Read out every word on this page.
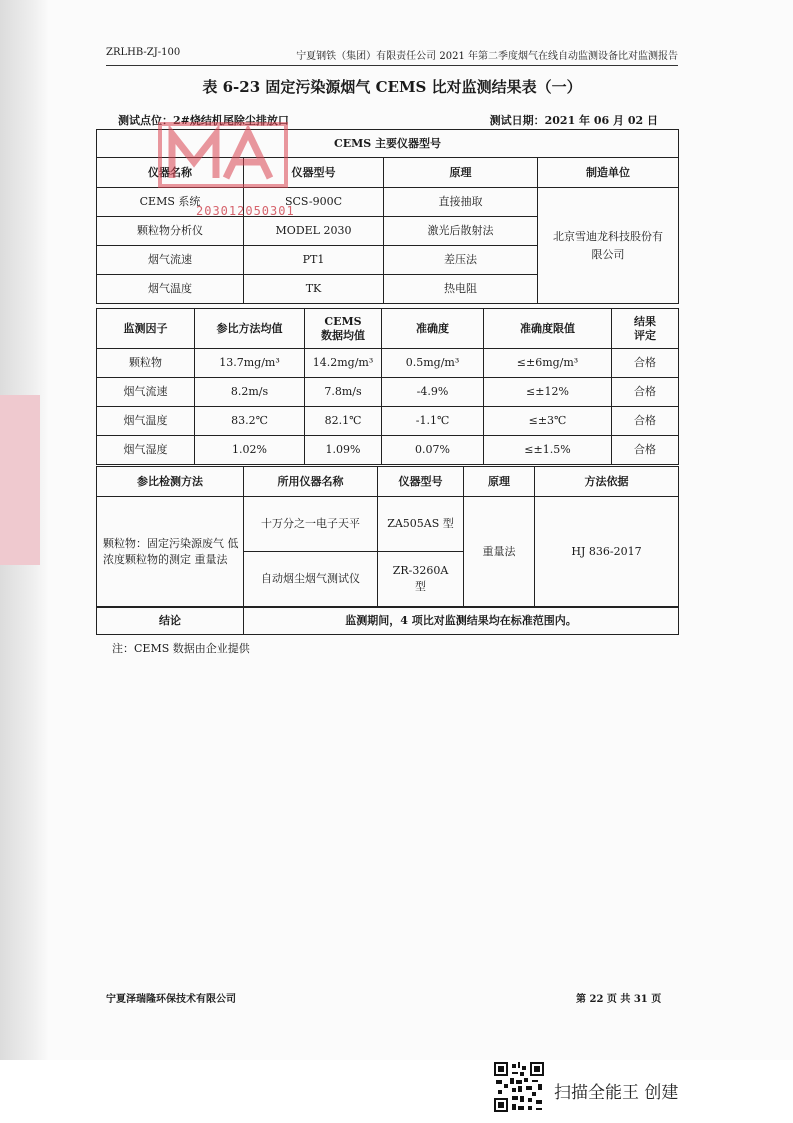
ZRLHB-ZJ-100	宁夏钢铁（集团）有限责任公司 2021 年第二季度烟气在线自动监测设备比对监测报告
表 6-23 固定污染源烟气 CEMS 比对监测结果表（一）
测试点位：2#烧结机尾除尘排放口	测试日期：2021 年 06 月 02 日
CEMS 主要仪器型号			
仪器名称	仪器型号	原理	制造单位
CEMS 系统	SCS-900C	直接抽取	北京雪迪龙科技股份有限公司

颗粒物分析仪	MODEL 2030	激光后散射法	
烟气流速	PT1	差压法	
烟气温度	TK	热电阻	
监测因子	参比方法均值	CEMS 数据均值	准确度	准确度限值	结果评定

颗粒物	13.7mg/m³	14.2mg/m³	0.5mg/m³	≤±6mg/m³	合格
烟气流速	8.2m/s	7.8m/s	-4.9%	≤±12%	合格
烟气温度	83.2℃	82.1℃	-1.1℃	≤±3℃	合格
烟气湿度	1.02%	1.09%	0.07%	≤±1.5%	合格
参比检测方法	所用仪器名称	仪器型号	原理	方法依据
颗粒物：固定污染源废气 低浓度颗粒物的测定 重量法	十万分之一电子天平	ZA505AS 型	重量法	HJ 836-2017
	自动烟尘烟气测试仪	ZR-3260A 型		
结论	监测期间，4 项比对监测结果均在标准范围内。
注：CEMS 数据由企业提供
203012050301
宁夏泽瑞隆环保技术有限公司	第 22 页 共 31 页
扫描全能王 创建
